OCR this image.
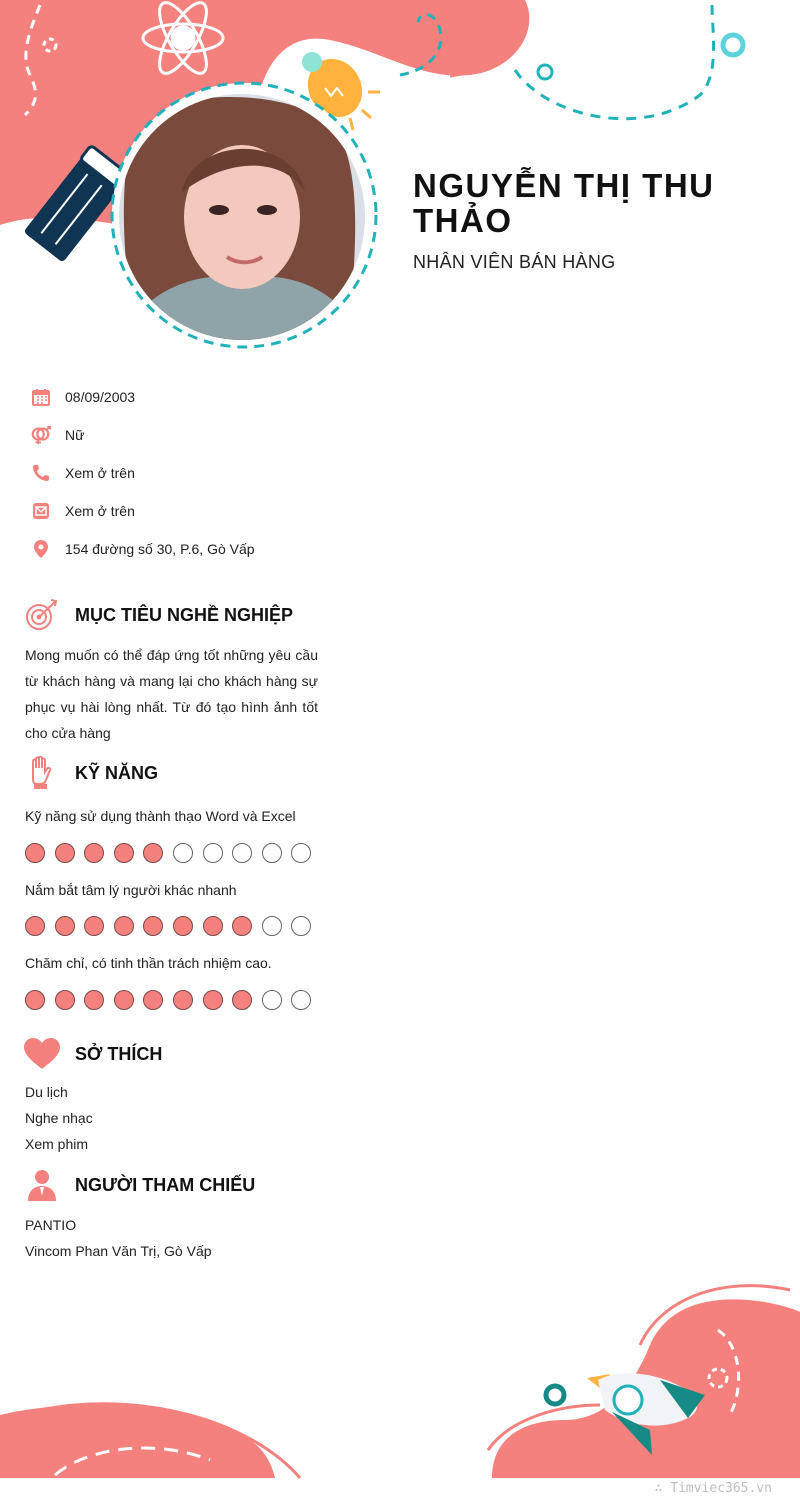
NGUYỄN THỊ THU THẢO
NHÂN VIÊN BÁN HÀNG
08/09/2003
Nữ
Xem ở trên
Xem ở trên
154 đường số 30, P.6, Gò Vấp
MỤC TIÊU NGHỀ NGHIỆP
Mong muốn có thể đáp ứng tốt những yêu cầu từ khách hàng và mang lại cho khách hàng sự phục vụ hài lòng nhất. Từ đó tạo hình ảnh tốt cho cửa hàng
KỸ NĂNG
Kỹ năng sử dụng thành thạo Word và Excel
Nắm bắt tâm lý người khác nhanh
Chăm chỉ, có tinh thần trách nhiệm cao.
SỞ THÍCH
Du lịch
Nghe nhạc
Xem phim
NGƯỜI THAM CHIẾU
PANTIO
Vincom Phan Văn Trị, Gò Vấp
∴ Timviec365.vn
